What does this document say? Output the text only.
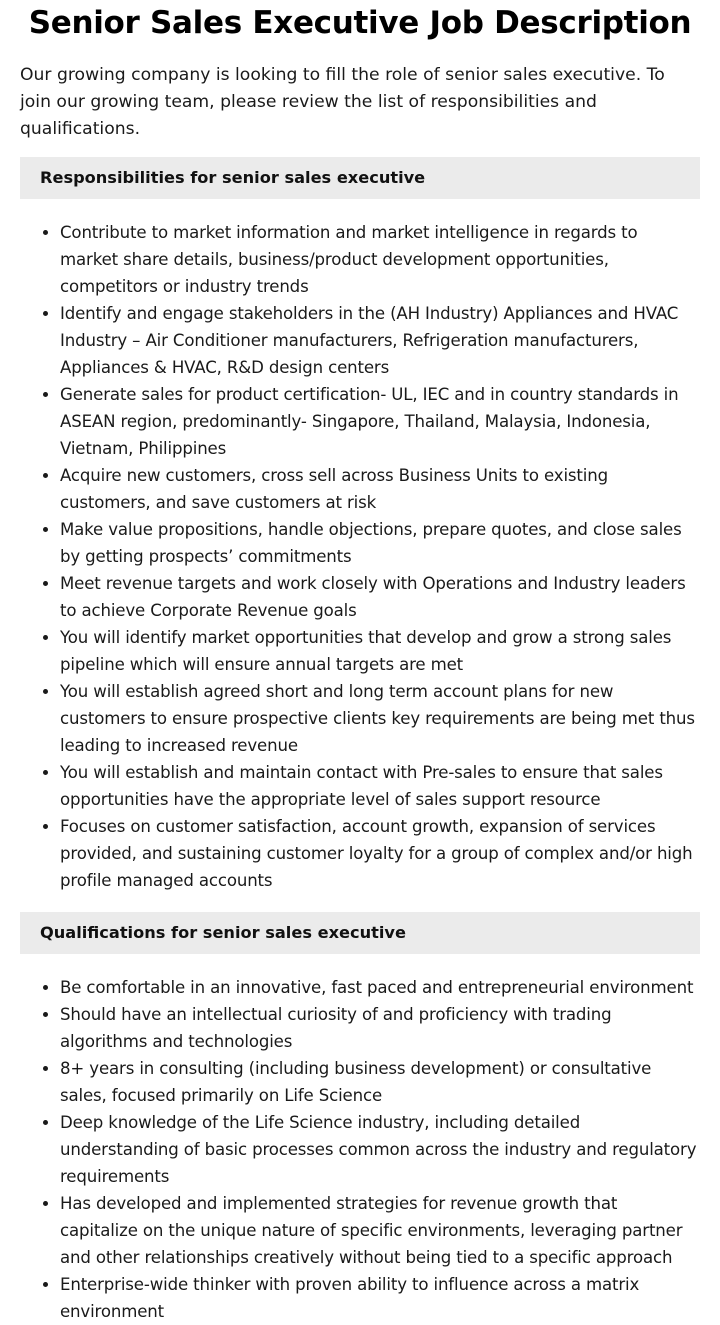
Senior Sales Executive Job Description

Our growing company is looking to fill the role of senior sales executive. To join our growing team, please review the list of responsibilities and qualifications.

Responsibilities for senior sales executive
• Contribute to market information and market intelligence in regards to market share details, business/product development opportunities, competitors or industry trends
• Identify and engage stakeholders in the (AH Industry) Appliances and HVAC Industry – Air Conditioner manufacturers, Refrigeration manufacturers, Appliances & HVAC, R&D design centers
• Generate sales for product certification- UL, IEC and in country standards in ASEAN region, predominantly- Singapore, Thailand, Malaysia, Indonesia, Vietnam, Philippines
• Acquire new customers, cross sell across Business Units to existing customers, and save customers at risk
• Make value propositions, handle objections, prepare quotes, and close sales by getting prospects’ commitments
• Meet revenue targets and work closely with Operations and Industry leaders to achieve Corporate Revenue goals
• You will identify market opportunities that develop and grow a strong sales pipeline which will ensure annual targets are met
• You will establish agreed short and long term account plans for new customers to ensure prospective clients key requirements are being met thus leading to increased revenue
• You will establish and maintain contact with Pre-sales to ensure that sales opportunities have the appropriate level of sales support resource
• Focuses on customer satisfaction, account growth, expansion of services provided, and sustaining customer loyalty for a group of complex and/or high profile managed accounts
Qualifications for senior sales executive
• Be comfortable in an innovative, fast paced and entrepreneurial environment
• Should have an intellectual curiosity of and proficiency with trading algorithms and technologies
• 8+ years in consulting (including business development) or consultative sales, focused primarily on Life Science
• Deep knowledge of the Life Science industry, including detailed understanding of basic processes common across the industry and regulatory requirements
• Has developed and implemented strategies for revenue growth that capitalize on the unique nature of specific environments, leveraging partner and other relationships creatively without being tied to a specific approach
• Enterprise-wide thinker with proven ability to influence across a matrix environment
